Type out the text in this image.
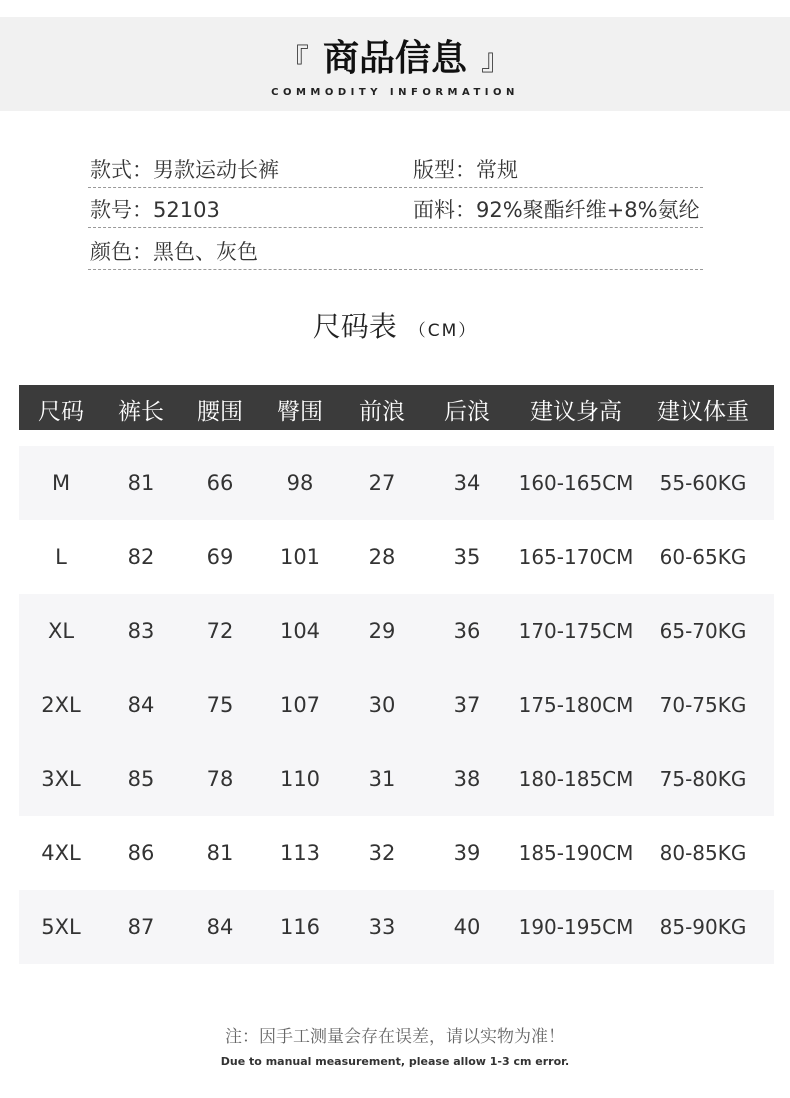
『 商品信息 』
COMMODITY INFORMATION
款式：男款运动长裤	版型：常规
款号：52103	面料：92%聚酯纤维+8%氨纶
颜色：黑色、灰色
尺码表 （CM）
尺码 裤长 腰围 臀围 前浪 后浪 建议身高 建议体重
M	81 66	98	27	34 160-165CM 55-60KG
L	82 69 101 28	35 165-170CM 60-65KG
XL	83 72 104 29	36 170-175CM 65-70KG
2XL 84 75 107 30	37 175-180CM 70-75KG
3XL 85 78 110 31	38 180-185CM 75-80KG
4XL 86 81 113 32	39 185-190CM 80-85KG
5XL 87 84 116 33	40 190-195CM 85-90KG
注：因手工测量会存在误差，请以实物为准！
Due to manual measurement, please allow 1-3 cm error.
